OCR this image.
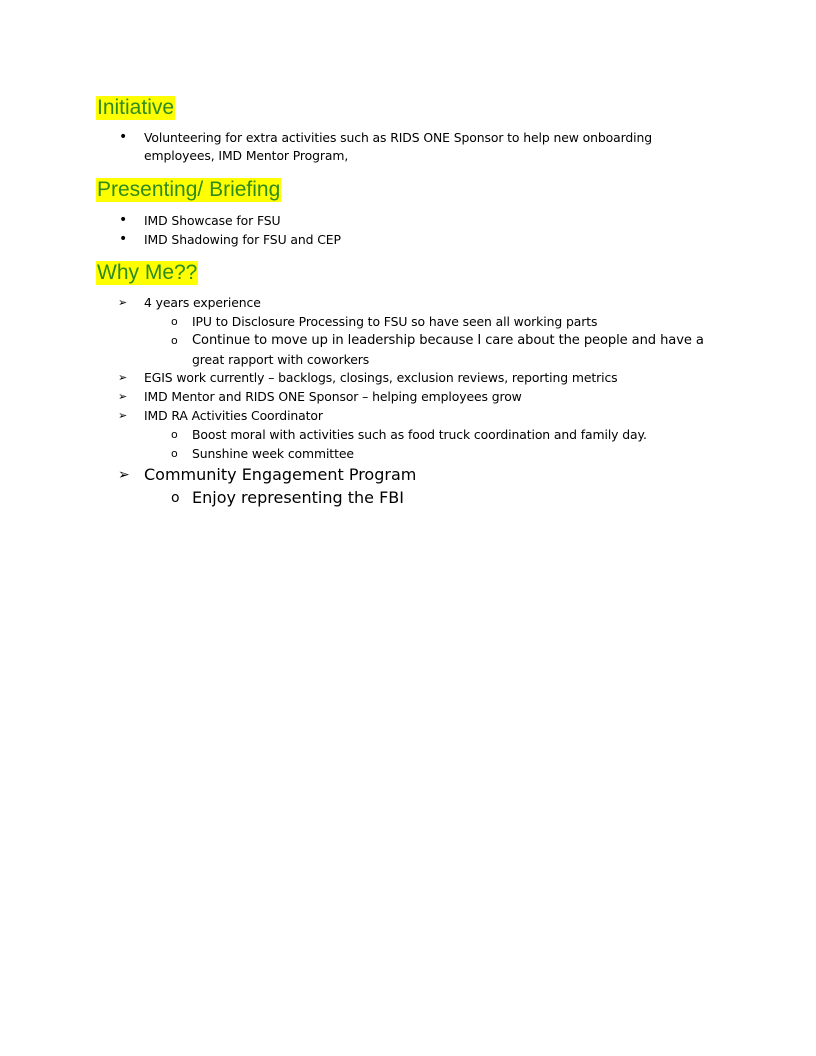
Initiative
• Volunteering for extra activities such as RIDS ONE Sponsor to help new onboarding
employees, IMD Mentor Program,
Presenting/ Briefing
• IMD Showcase for FSU
• IMD Shadowing for FSU and CEP
Why Me??
➢ 4 years experience
o IPU to Disclosure Processing to FSU so have seen all working parts
o Continue to move up in leadership because I care about the people and have a
great rapport with coworkers
➢ EGIS work currently – backlogs, closings, exclusion reviews, reporting metrics
➢ IMD Mentor and RIDS ONE Sponsor – helping employees grow
➢ IMD RA Activities Coordinator
o Boost moral with activities such as food truck coordination and family day.
o Sunshine week committee
➢ Community Engagement Program
o Enjoy representing the FBI
